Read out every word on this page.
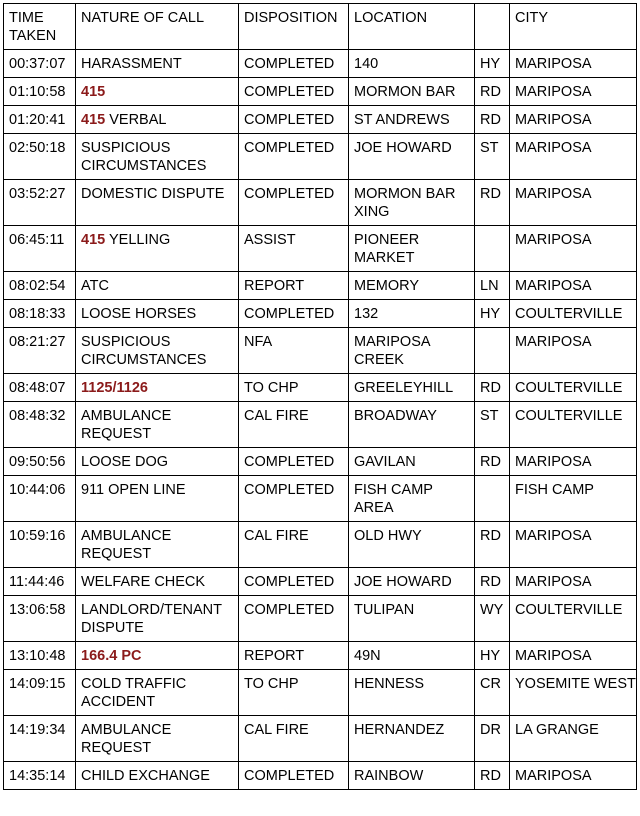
TIME TAKEN	NATURE OF CALL	DISPOSITION	LOCATION		CITY
00:37:07	HARASSMENT	COMPLETED	140	HY	MARIPOSA
01:10:58	415	COMPLETED	MORMON BAR	RD	MARIPOSA
01:20:41	415 VERBAL	COMPLETED	ST ANDREWS	RD	MARIPOSA
02:50:18	SUSPICIOUS CIRCUMSTANCES	COMPLETED	JOE HOWARD	ST	MARIPOSA
03:52:27	DOMESTIC DISPUTE	COMPLETED	MORMON BAR XING	RD	MARIPOSA
06:45:11	415 YELLING	ASSIST	PIONEER MARKET		MARIPOSA
08:02:54	ATC	REPORT	MEMORY	LN	MARIPOSA
08:18:33	LOOSE HORSES	COMPLETED	132	HY	COULTERVILLE
08:21:27	SUSPICIOUS CIRCUMSTANCES	NFA	MARIPOSA CREEK		MARIPOSA
08:48:07	1125/1126	TO CHP	GREELEYHILL	RD	COULTERVILLE
08:48:32	AMBULANCE REQUEST	CAL FIRE	BROADWAY	ST	COULTERVILLE
09:50:56	LOOSE DOG	COMPLETED	GAVILAN	RD	MARIPOSA
10:44:06	911 OPEN LINE	COMPLETED	FISH CAMP AREA		FISH CAMP
10:59:16	AMBULANCE REQUEST	CAL FIRE	OLD HWY	RD	MARIPOSA
11:44:46	WELFARE CHECK	COMPLETED	JOE HOWARD	RD	MARIPOSA
13:06:58	LANDLORD/TENANT DISPUTE	COMPLETED	TULIPAN	WY	COULTERVILLE
13:10:48	166.4 PC	REPORT	49N	HY	MARIPOSA
14:09:15	COLD TRAFFIC ACCIDENT	TO CHP	HENNESS	CR	YOSEMITE WEST
14:19:34	AMBULANCE REQUEST	CAL FIRE	HERNANDEZ	DR	LA GRANGE
14:35:14	CHILD EXCHANGE	COMPLETED	RAINBOW	RD	MARIPOSA
